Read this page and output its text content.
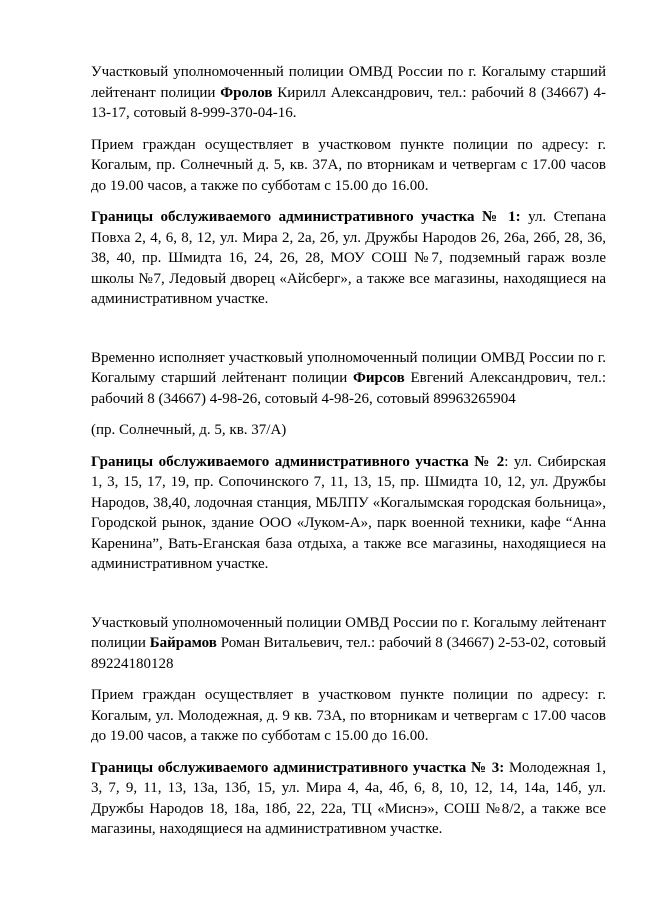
Участковый уполномоченный полиции ОМВД России по г. Когалыму старший лейтенант полиции Фролов Кирилл Александрович, тел.: рабочий 8 (34667) 4-13-17, сотовый 8-999-370-04-16.

Прием граждан осуществляет в участковом пункте полиции по адресу: г. Когалым, пр. Солнечный д. 5, кв. 37А, по вторникам и четвергам с 17.00 часов до 19.00 часов, а также по субботам с 15.00 до 16.00.

Границы обслуживаемого административного участка № 1: ул. Степана Повха 2, 4, 6, 8, 12, ул. Мира 2, 2а, 2б, ул. Дружбы Народов 26, 26а, 26б, 28, 36, 38, 40, пр. Шмидта 16, 24, 26, 28, МОУ СОШ №7, подземный гараж возле школы №7, Ледовый дворец «Айсберг», а также все магазины, находящиеся на административном участке.

Временно исполняет участковый уполномоченный полиции ОМВД России по г. Когалыму старший лейтенант полиции Фирсов Евгений Александрович, тел.: рабочий 8 (34667) 4-98-26, сотовый 4-98-26, сотовый 89963265904

(пр. Солнечный, д. 5, кв. 37/А)

Границы обслуживаемого административного участка № 2: ул. Сибирская 1, 3, 15, 17, 19, пр. Сопочинского 7, 11, 13, 15, пр. Шмидта 10, 12, ул. Дружбы Народов, 38,40, лодочная станция, МБЛПУ «Когалымская городская больница», Городской рынок, здание ООО «Луком-А», парк военной техники, кафе “Анна Каренина”, Вать-Еганская база отдыха, а также все магазины, находящиеся на административном участке.

Участковый уполномоченный полиции ОМВД России по г. Когалыму лейтенант полиции Байрамов Роман Витальевич, тел.: рабочий 8 (34667) 2-53-02, сотовый 89224180128

Прием граждан осуществляет в участковом пункте полиции по адресу: г. Когалым, ул. Молодежная, д. 9 кв. 73А, по вторникам и четвергам с 17.00 часов до 19.00 часов, а также по субботам с 15.00 до 16.00.

Границы обслуживаемого административного участка № 3: Молодежная 1, 3, 7, 9, 11, 13, 13а, 13б, 15, ул. Мира 4, 4а, 4б, 6, 8, 10, 12, 14, 14а, 14б, ул. Дружбы Народов 18, 18а, 18б, 22, 22а, ТЦ «Миснэ», СОШ №8/2, а также все магазины, находящиеся на административном участке.
